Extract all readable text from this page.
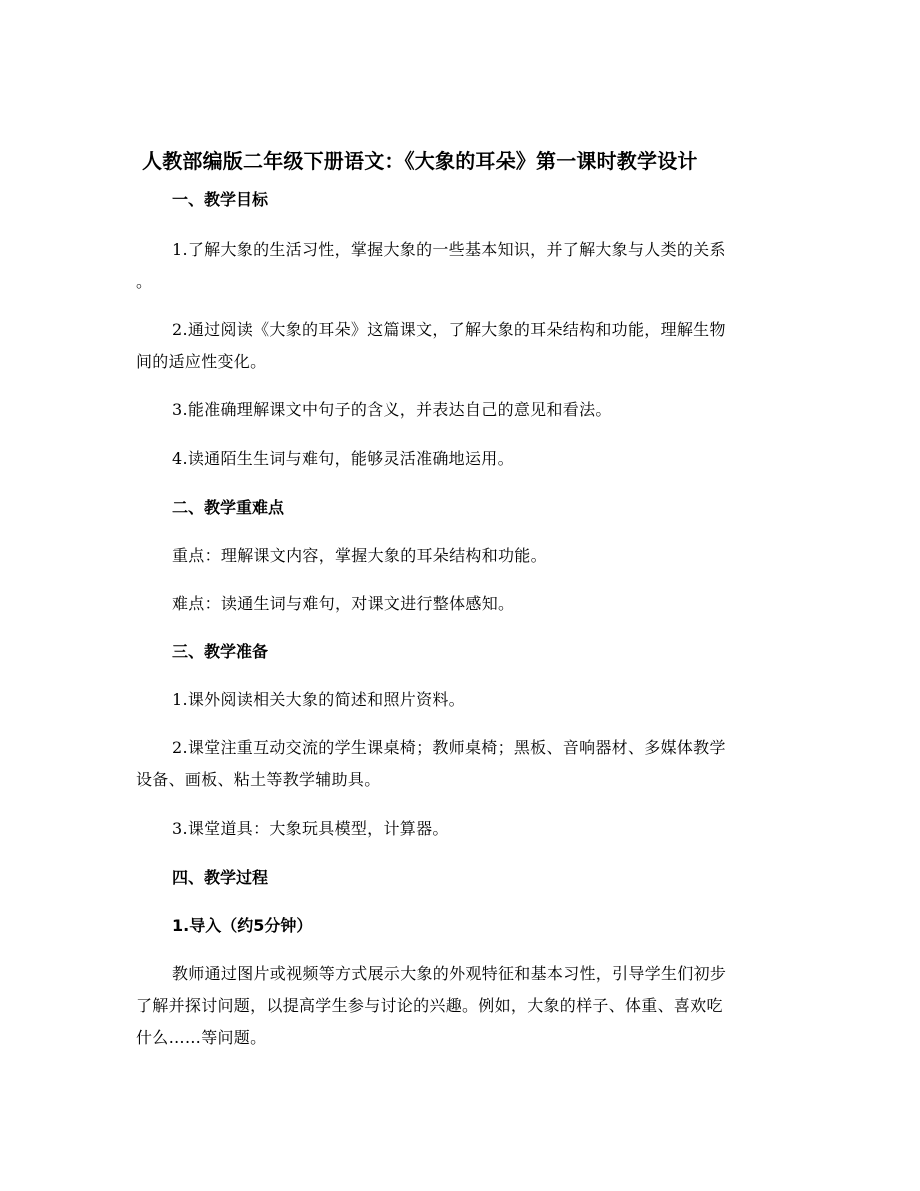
人教部编版二年级下册语文：《大象的耳朵》第一课时教学设计
一、教学目标
1.了解大象的生活习性，掌握大象的一些基本知识，并了解大象与人类的关系
。
2.通过阅读《大象的耳朵》这篇课文，了解大象的耳朵结构和功能，理解生物
间的适应性变化。
3.能准确理解课文中句子的含义，并表达自己的意见和看法。
4.读通陌生生词与难句，能够灵活准确地运用。
二、教学重难点
重点：理解课文内容，掌握大象的耳朵结构和功能。
难点：读通生词与难句，对课文进行整体感知。
三、教学准备
1.课外阅读相关大象的简述和照片资料。
2.课堂注重互动交流的学生课桌椅；教师桌椅；黑板、音响器材、多媒体教学
设备、画板、粘土等教学辅助具。
3.课堂道具：大象玩具模型，计算器。
四、教学过程
1.导入（约5分钟）
教师通过图片或视频等方式展示大象的外观特征和基本习性，引导学生们初步
了解并探讨问题，以提高学生参与讨论的兴趣。例如，大象的样子、体重、喜欢吃
什么……等问题。
